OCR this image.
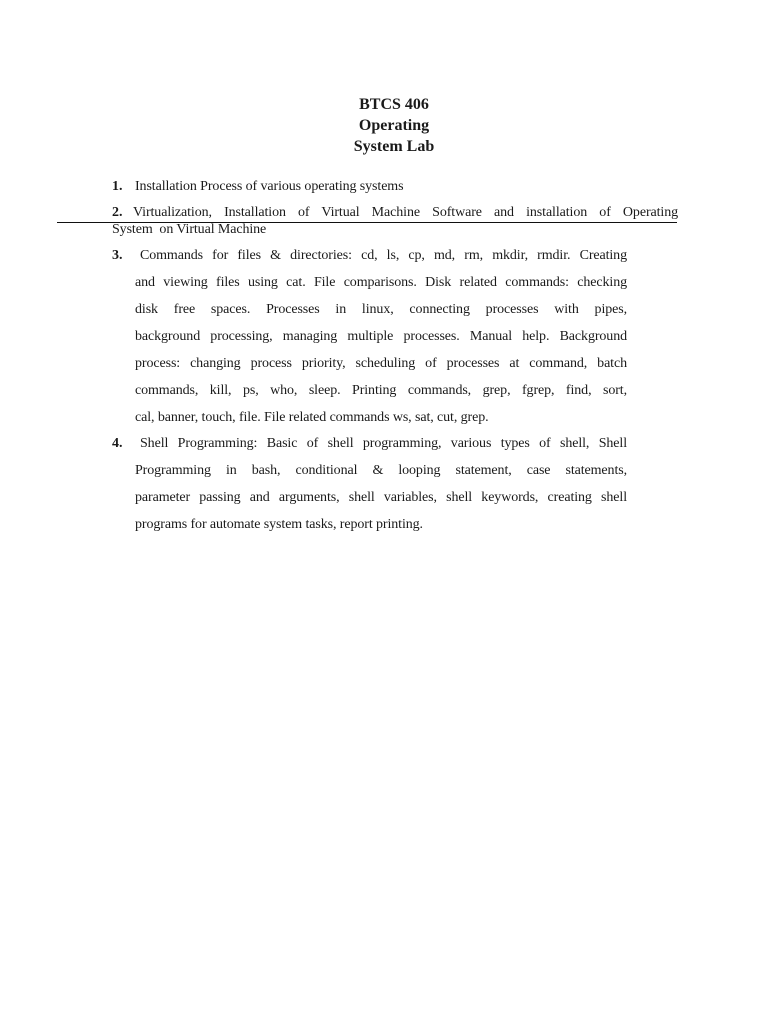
BTCS 406
Operating
System Lab
1. Installation Process of various operating systems
2. Virtualization, Installation of Virtual Machine Software and installation of Operating
System  on Virtual Machine
3. Commands for files & directories: cd, ls, cp, md, rm, mkdir, rmdir. Creating
and viewing files using cat. File comparisons. Disk related commands: checking
disk free spaces. Processes in linux, connecting processes with pipes,
background processing, managing multiple processes. Manual help. Background
process: changing process priority, scheduling of processes at command, batch
commands, kill, ps, who, sleep. Printing commands, grep, fgrep, find, sort,
cal, banner, touch, file. File related commands ws, sat, cut, grep.
4. Shell Programming: Basic of shell programming, various types of shell, Shell
Programming in bash, conditional & looping statement, case statements,
parameter passing and arguments, shell variables, shell keywords, creating shell
programs for automate system tasks, report printing.
